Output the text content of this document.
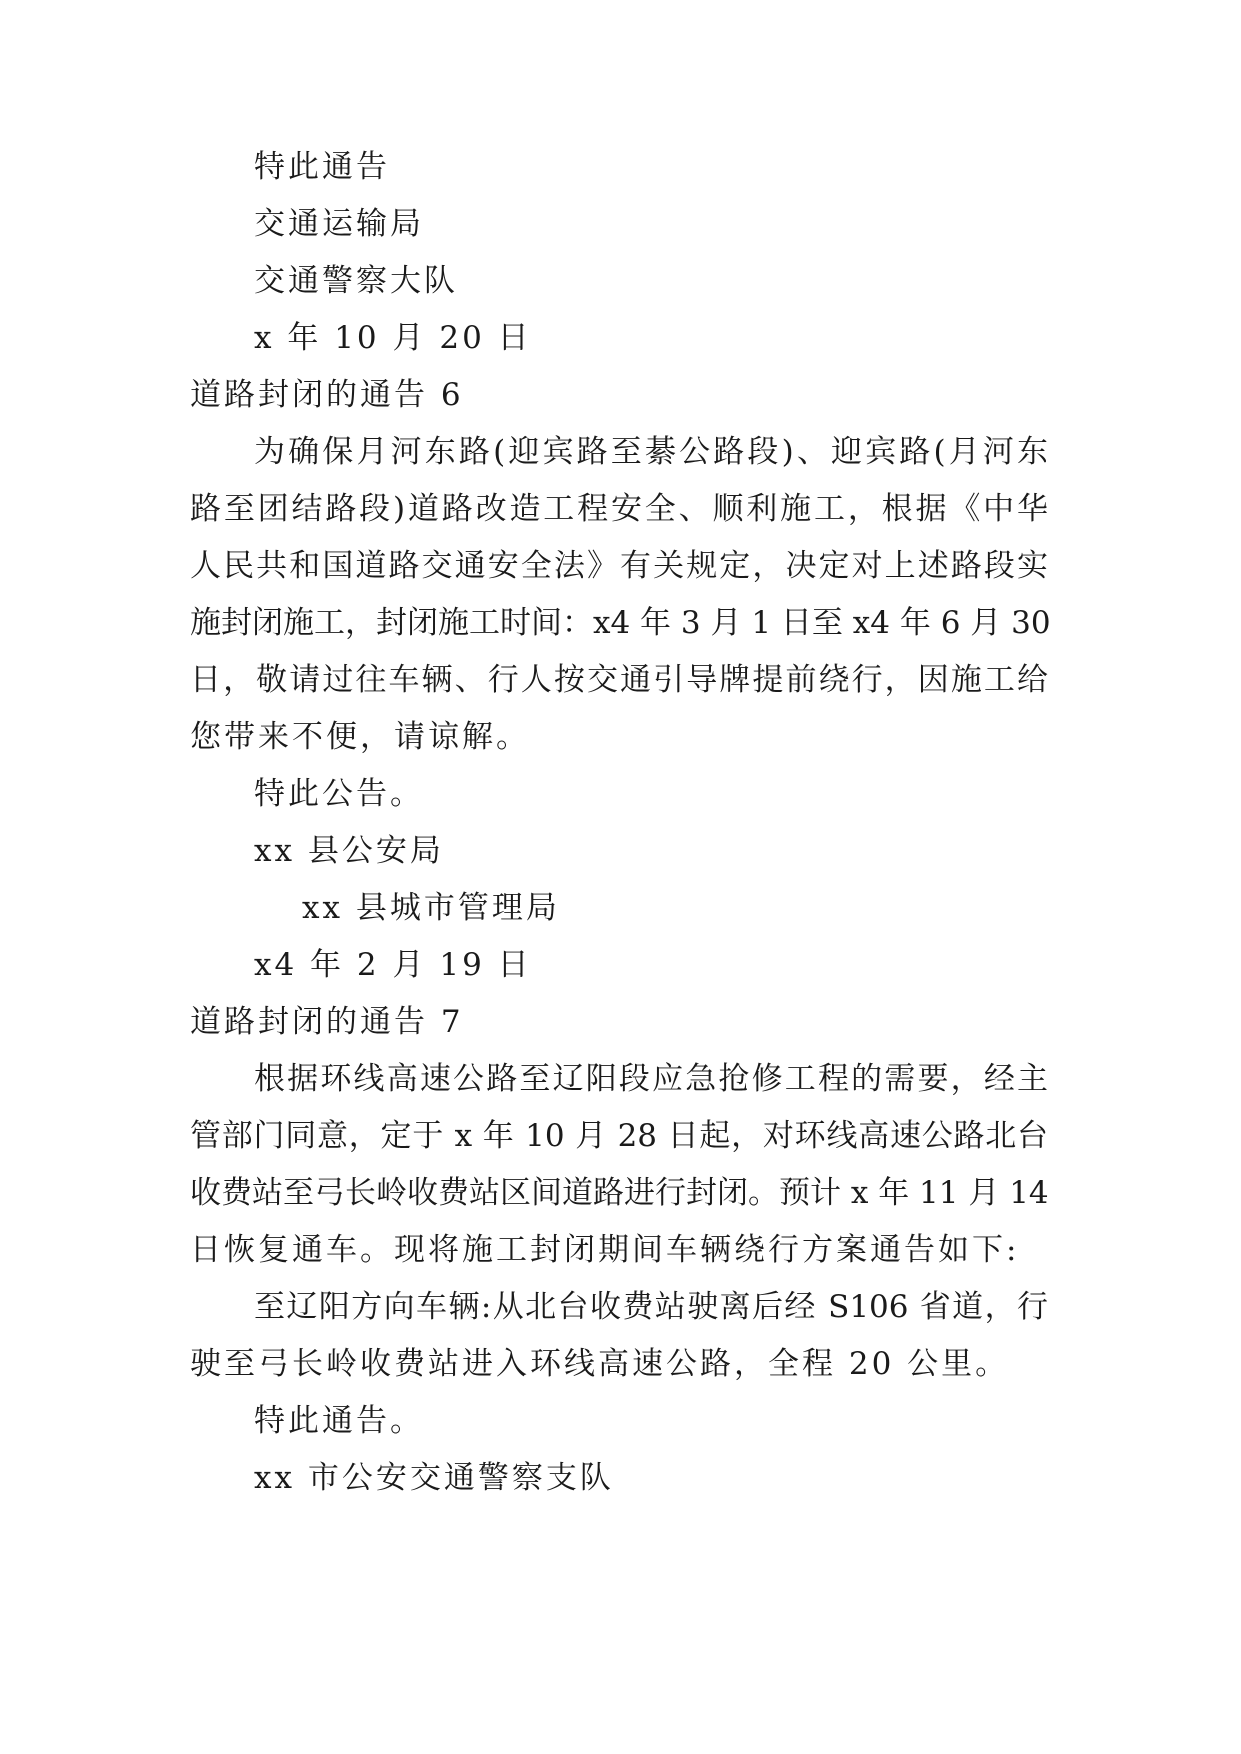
特此通告
交通运输局
交通警察大队
x 年 10 月 20 日
道路封闭的通告 6
为确保月河东路(迎宾路至綦公路段)、迎宾路(月河东
路至团结路段)道路改造工程安全、顺利施工，根据《中华
人民共和国道路交通安全法》有关规定，决定对上述路段实
施封闭施工，封闭施工时间：x4 年 3 月 1 日至 x4 年 6 月 30
日，敬请过往车辆、行人按交通引导牌提前绕行，因施工给
您带来不便，请谅解。
特此公告。
xx 县公安局
xx 县城市管理局
x4 年 2 月 19 日
道路封闭的通告 7
根据环线高速公路至辽阳段应急抢修工程的需要，经主
管部门同意，定于 x 年 10 月 28 日起，对环线高速公路北台
收费站至弓长岭收费站区间道路进行封闭。预计 x 年 11 月 14
日恢复通车。现将施工封闭期间车辆绕行方案通告如下:
至辽阳方向车辆:从北台收费站驶离后经 S106 省道，行
驶至弓长岭收费站进入环线高速公路，全程 20 公里。
特此通告。
xx 市公安交通警察支队
